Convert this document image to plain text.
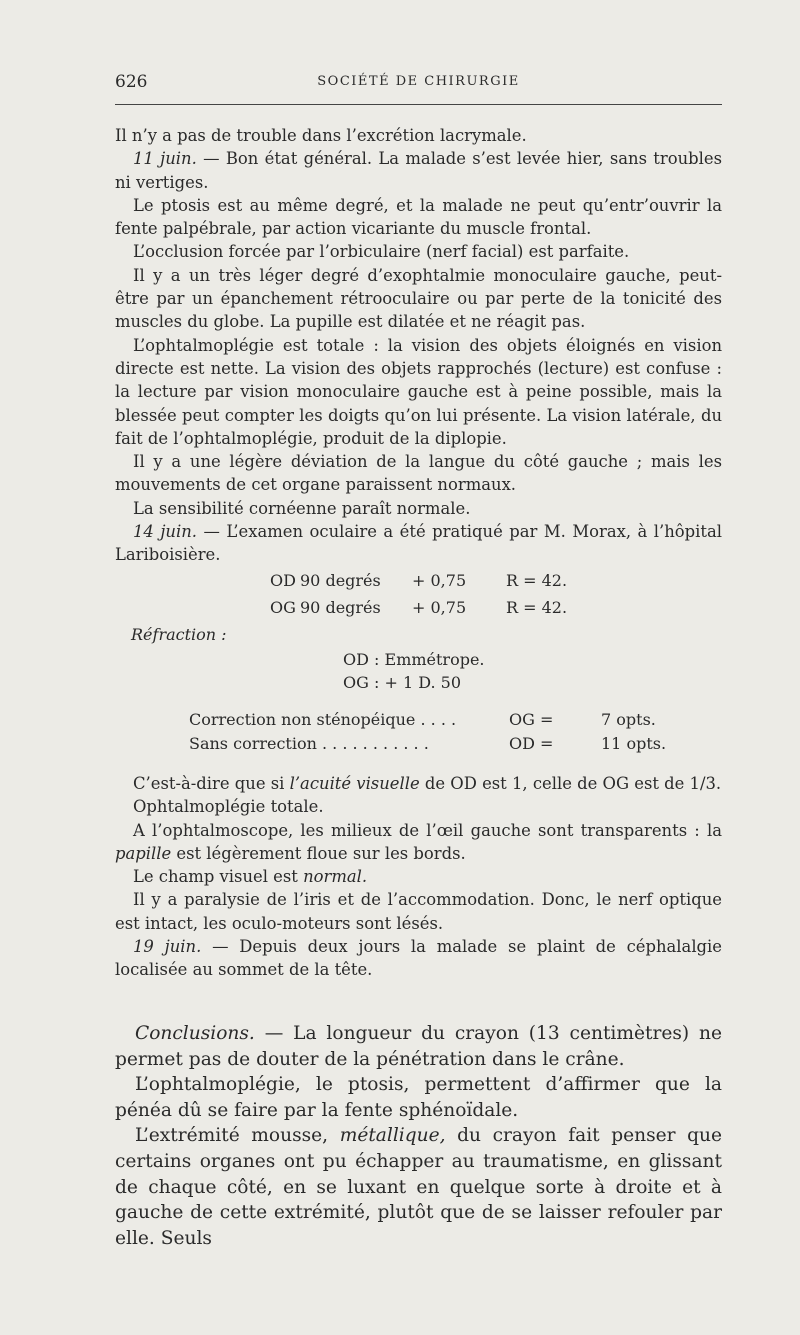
626	SOCIÉTÉ DE CHIRURGIE

Il n’y a pas de trouble dans l’excrétion lacrymale.

11 juin. — Bon état général. La malade s’est levée hier, sans troubles ni vertiges.

Le ptosis est au même degré, et la malade ne peut qu’entr’ouvrir la fente palpébrale, par action vicariante du muscle frontal.

L’occlusion forcée par l’orbiculaire (nerf facial) est parfaite.

Il y a un très léger degré d’exophtalmie monoculaire gauche, peut-être par un épanchement rétrooculaire ou par perte de la tonicité des muscles du globe. La pupille est dilatée et ne réagit pas.

L’ophtalmoplégie est totale : la vision des objets éloignés en vision directe est nette. La vision des objets rapprochés (lecture) est confuse : la lecture par vision monoculaire gauche est à peine possible, mais la blessée peut compter les doigts qu’on lui présente. La vision latérale, du fait de l’ophtalmoplégie, produit de la diplopie.

Il y a une légère déviation de la langue du côté gauche ; mais les mouvements de cet organe paraissent normaux.

La sensibilité cornéenne paraît normale.

14 juin. — L’examen oculaire a été pratiqué par M. Morax, à l’hôpital Lariboisière.

OD 90 degrés + 0,75 R = 42.
OG 90 degrés + 0,75 R = 42.
Réfraction :
OD : Emmétrope.
OG : + 1 D. 50
Correction non sténopéique . . . .	OG =	7 opts.
Sans correction . . . . . . . . . . .	OD =	11 opts.

C’est-à-dire que si l’acuité visuelle de OD est 1, celle de OG est de 1/3.

Ophtalmoplégie totale.

A l’ophtalmoscope, les milieux de l’œil gauche sont transparents : la papille est légèrement floue sur les bords.

Le champ visuel est normal.

Il y a paralysie de l’iris et de l’accommodation. Donc, le nerf optique est intact, les oculo-moteurs sont lésés.

19 juin. — Depuis deux jours la malade se plaint de céphalalgie localisée au sommet de la tête.

Conclusions. — La longueur du crayon (13 centimètres) ne permet pas de douter de la pénétration dans le crâne.

L’ophtalmoplégie, le ptosis, permettent d’affirmer que la pénéa dû se faire par la fente sphénoïdale.

L’extrémité mousse, métallique, du crayon fait penser que certains organes ont pu échapper au traumatisme, en glissant de chaque côté, en se luxant en quelque sorte à droite et à gauche de cette extrémité, plutôt que de se laisser refouler par elle. Seuls
